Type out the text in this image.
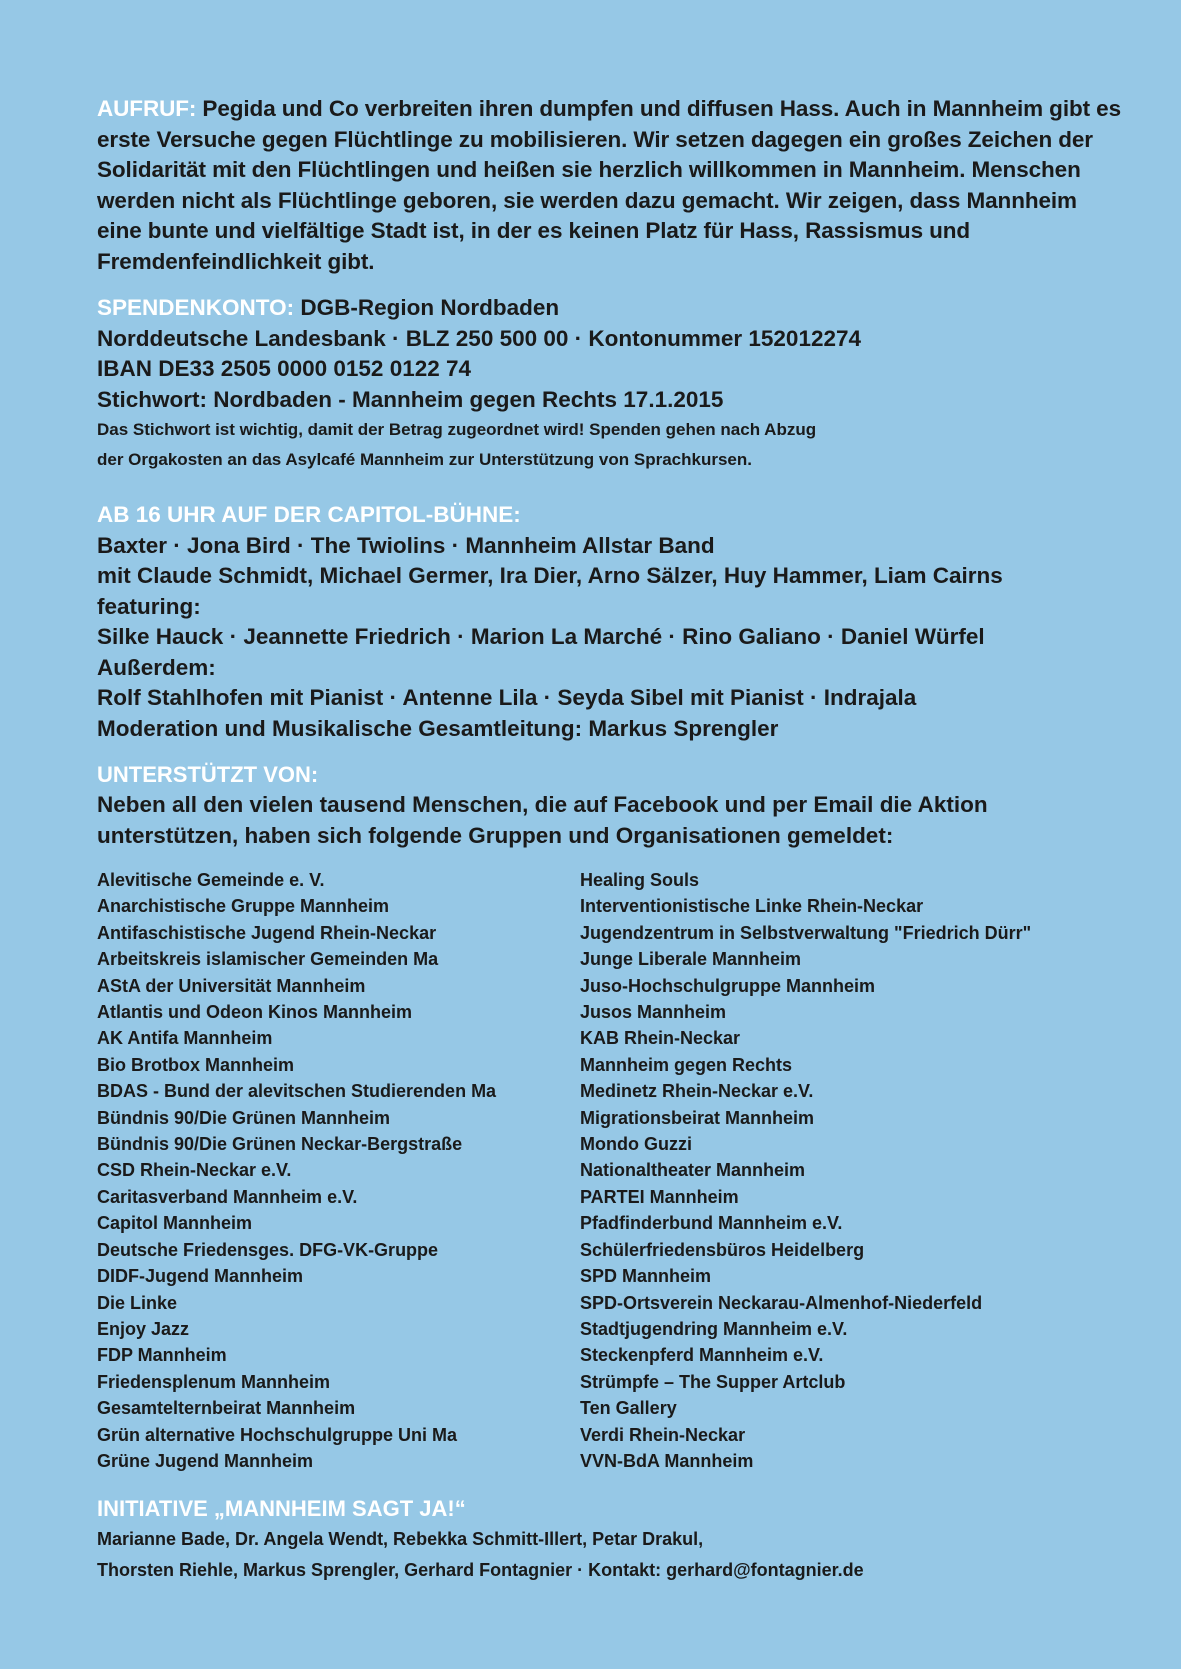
AUFRUF: Pegida und Co verbreiten ihren dumpfen und diffusen Hass. Auch in Mannheim gibt es erste Versuche gegen Flüchtlinge zu mobilisieren. Wir setzen dagegen ein großes Zeichen der Solidarität mit den Flüchtlingen und heißen sie herzlich willkommen in Mannheim. Menschen werden nicht als Flüchtlinge geboren, sie werden dazu gemacht. Wir zeigen, dass Mannheim eine bunte und vielfältige Stadt ist, in der es keinen Platz für Hass, Rassismus und Fremdenfeindlichkeit gibt.
SPENDENKONTO: DGB-Region Nordbaden
Norddeutsche Landesbank · BLZ 250 500 00 · Kontonummer 152012274
IBAN DE33 2505 0000 0152 0122 74
Stichwort: Nordbaden - Mannheim gegen Rechts 17.1.2015
Das Stichwort ist wichtig, damit der Betrag zugeordnet wird! Spenden gehen nach Abzug
der Orgakosten an das Asylcafé Mannheim zur Unterstützung von Sprachkursen.
AB 16 UHR AUF DER CAPITOL-BÜHNE:
Baxter · Jona Bird · The Twiolins · Mannheim Allstar Band
mit Claude Schmidt, Michael Germer, Ira Dier, Arno Sälzer, Huy Hammer, Liam Cairns
featuring:
Silke Hauck · Jeannette Friedrich · Marion La Marché · Rino Galiano · Daniel Würfel
Außerdem:
Rolf Stahlhofen mit Pianist · Antenne Lila · Seyda Sibel mit Pianist · Indrajala
Moderation und Musikalische Gesamtleitung: Markus Sprengler
UNTERSTÜTZT VON:
Neben all den vielen tausend Menschen, die auf Facebook und per Email die Aktion
unterstützen, haben sich folgende Gruppen und Organisationen gemeldet:
Alevitische Gemeinde e. V.
Anarchistische Gruppe Mannheim
Antifaschistische Jugend Rhein-Neckar
Arbeitskreis islamischer Gemeinden Ma
AStA der Universität Mannheim
Atlantis und Odeon Kinos Mannheim
AK Antifa Mannheim
Bio Brotbox Mannheim
BDAS - Bund der alevitschen Studierenden Ma
Bündnis 90/Die Grünen Mannheim
Bündnis 90/Die Grünen Neckar-Bergstraße
CSD Rhein-Neckar e.V.
Caritasverband Mannheim e.V.
Capitol Mannheim
Deutsche Friedensges. DFG-VK-Gruppe
DIDF-Jugend Mannheim
Die Linke
Enjoy Jazz
FDP Mannheim
Friedensplenum Mannheim
Gesamtelternbeirat Mannheim
Grün alternative Hochschulgruppe Uni Ma
Grüne Jugend Mannheim
Healing Souls
Interventionistische Linke Rhein-Neckar
Jugendzentrum in Selbstverwaltung "Friedrich Dürr"
Junge Liberale Mannheim
Juso-Hochschulgruppe Mannheim
Jusos Mannheim
KAB Rhein-Neckar
Mannheim gegen Rechts
Medinetz Rhein-Neckar e.V.
Migrationsbeirat Mannheim
Mondo Guzzi
Nationaltheater Mannheim
PARTEI Mannheim
Pfadfinderbund Mannheim e.V.
Schülerfriedensbüros Heidelberg
SPD Mannheim
SPD-Ortsverein Neckarau-Almenhof-Niederfeld
Stadtjugendring Mannheim e.V.
Steckenpferd Mannheim e.V.
Strümpfe – The Supper Artclub
Ten Gallery
Verdi Rhein-Neckar
VVN-BdA Mannheim
INITIATIVE „MANNHEIM SAGT JA!“
Marianne Bade, Dr. Angela Wendt, Rebekka Schmitt-Illert, Petar Drakul,
Thorsten Riehle, Markus Sprengler, Gerhard Fontagnier · Kontakt: gerhard@fontagnier.de
